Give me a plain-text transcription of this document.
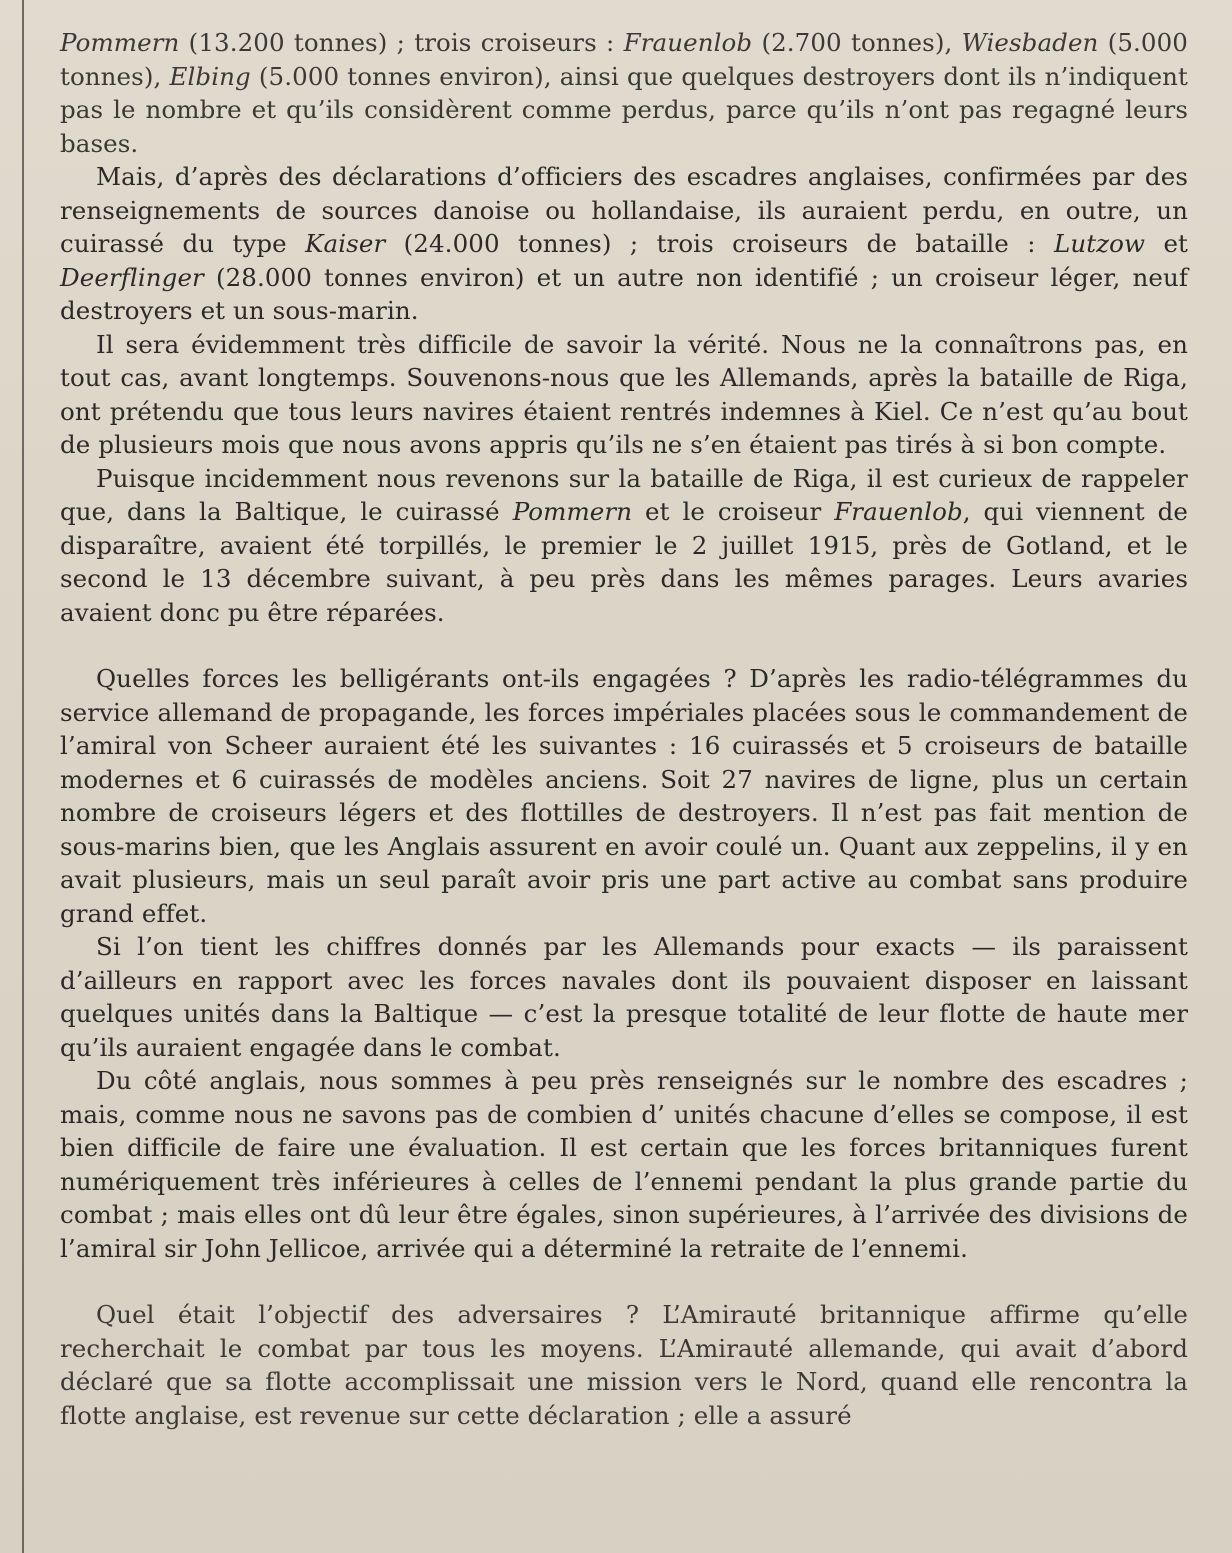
Pommern (13.200 tonnes) ; trois croiseurs : Frauenlob (2.700 tonnes), Wiesbaden (5.000 tonnes), Elbing (5.000 tonnes environ), ainsi que quelques destroyers dont ils n’indiquent pas le nombre et qu’ils considèrent comme perdus, parce qu’ils n’ont pas regagné leurs bases.

Mais, d’après des déclarations d’officiers des escadres anglaises, confirmées par des renseignements de sources danoise ou hollandaise, ils auraient perdu, en outre, un cuirassé du type Kaiser (24.000 tonnes) ; trois croiseurs de bataille : Lutzow et Deerflinger (28.000 tonnes environ) et un autre non identifié ; un croiseur léger, neuf destroyers et un sous-marin.

Il sera évidemment très difficile de savoir la vérité. Nous ne la connaîtrons pas, en tout cas, avant longtemps. Souvenons-nous que les Allemands, après la bataille de Riga, ont prétendu que tous leurs navires étaient rentrés indemnes à Kiel. Ce n’est qu’au bout de plusieurs mois que nous avons appris qu’ils ne s’en étaient pas tirés à si bon compte.

Puisque incidemment nous revenons sur la bataille de Riga, il est curieux de rappeler que, dans la Baltique, le cuirassé Pommern et le croiseur Frauenlob, qui viennent de disparaître, avaient été torpillés, le premier le 2 juillet 1915, près de Gotland, et le second le 13 décembre suivant, à peu près dans les mêmes parages. Leurs avaries avaient donc pu être réparées.

Quelles forces les belligérants ont-ils engagées ? D’après les radio-télégrammes du service allemand de propagande, les forces impériales placées sous le commandement de l’amiral von Scheer auraient été les suivantes : 16 cuirassés et 5 croiseurs de bataille modernes et 6 cuirassés de modèles anciens. Soit 27 navires de ligne, plus un certain nombre de croiseurs légers et des flottilles de destroyers. Il n’est pas fait mention de sous-marins bien, que les Anglais assurent en avoir coulé un. Quant aux zeppelins, il y en avait plusieurs, mais un seul paraît avoir pris une part active au combat sans produire grand effet.

Si l’on tient les chiffres donnés par les Allemands pour exacts — ils paraissent d’ailleurs en rapport avec les forces navales dont ils pouvaient disposer en laissant quelques unités dans la Baltique — c’est la presque totalité de leur flotte de haute mer qu’ils auraient engagée dans le combat.

Du côté anglais, nous sommes à peu près renseignés sur le nombre des escadres ; mais, comme nous ne savons pas de combien d’ unités chacune d’elles se compose, il est bien difficile de faire une évaluation. Il est certain que les forces britanniques furent numériquement très inférieures à celles de l’ennemi pendant la plus grande partie du combat ; mais elles ont dû leur être égales, sinon supérieures, à l’arrivée des divisions de l’amiral sir John Jellicoe, arrivée qui a déterminé la retraite de l’ennemi.

Quel était l’objectif des adversaires ? L’Amirauté britannique affirme qu’elle recherchait le combat par tous les moyens. L’Amirauté allemande, qui avait d’abord déclaré que sa flotte accomplissait une mission vers le Nord, quand elle rencontra la flotte anglaise, est revenue sur cette déclaration ; elle a assuré
